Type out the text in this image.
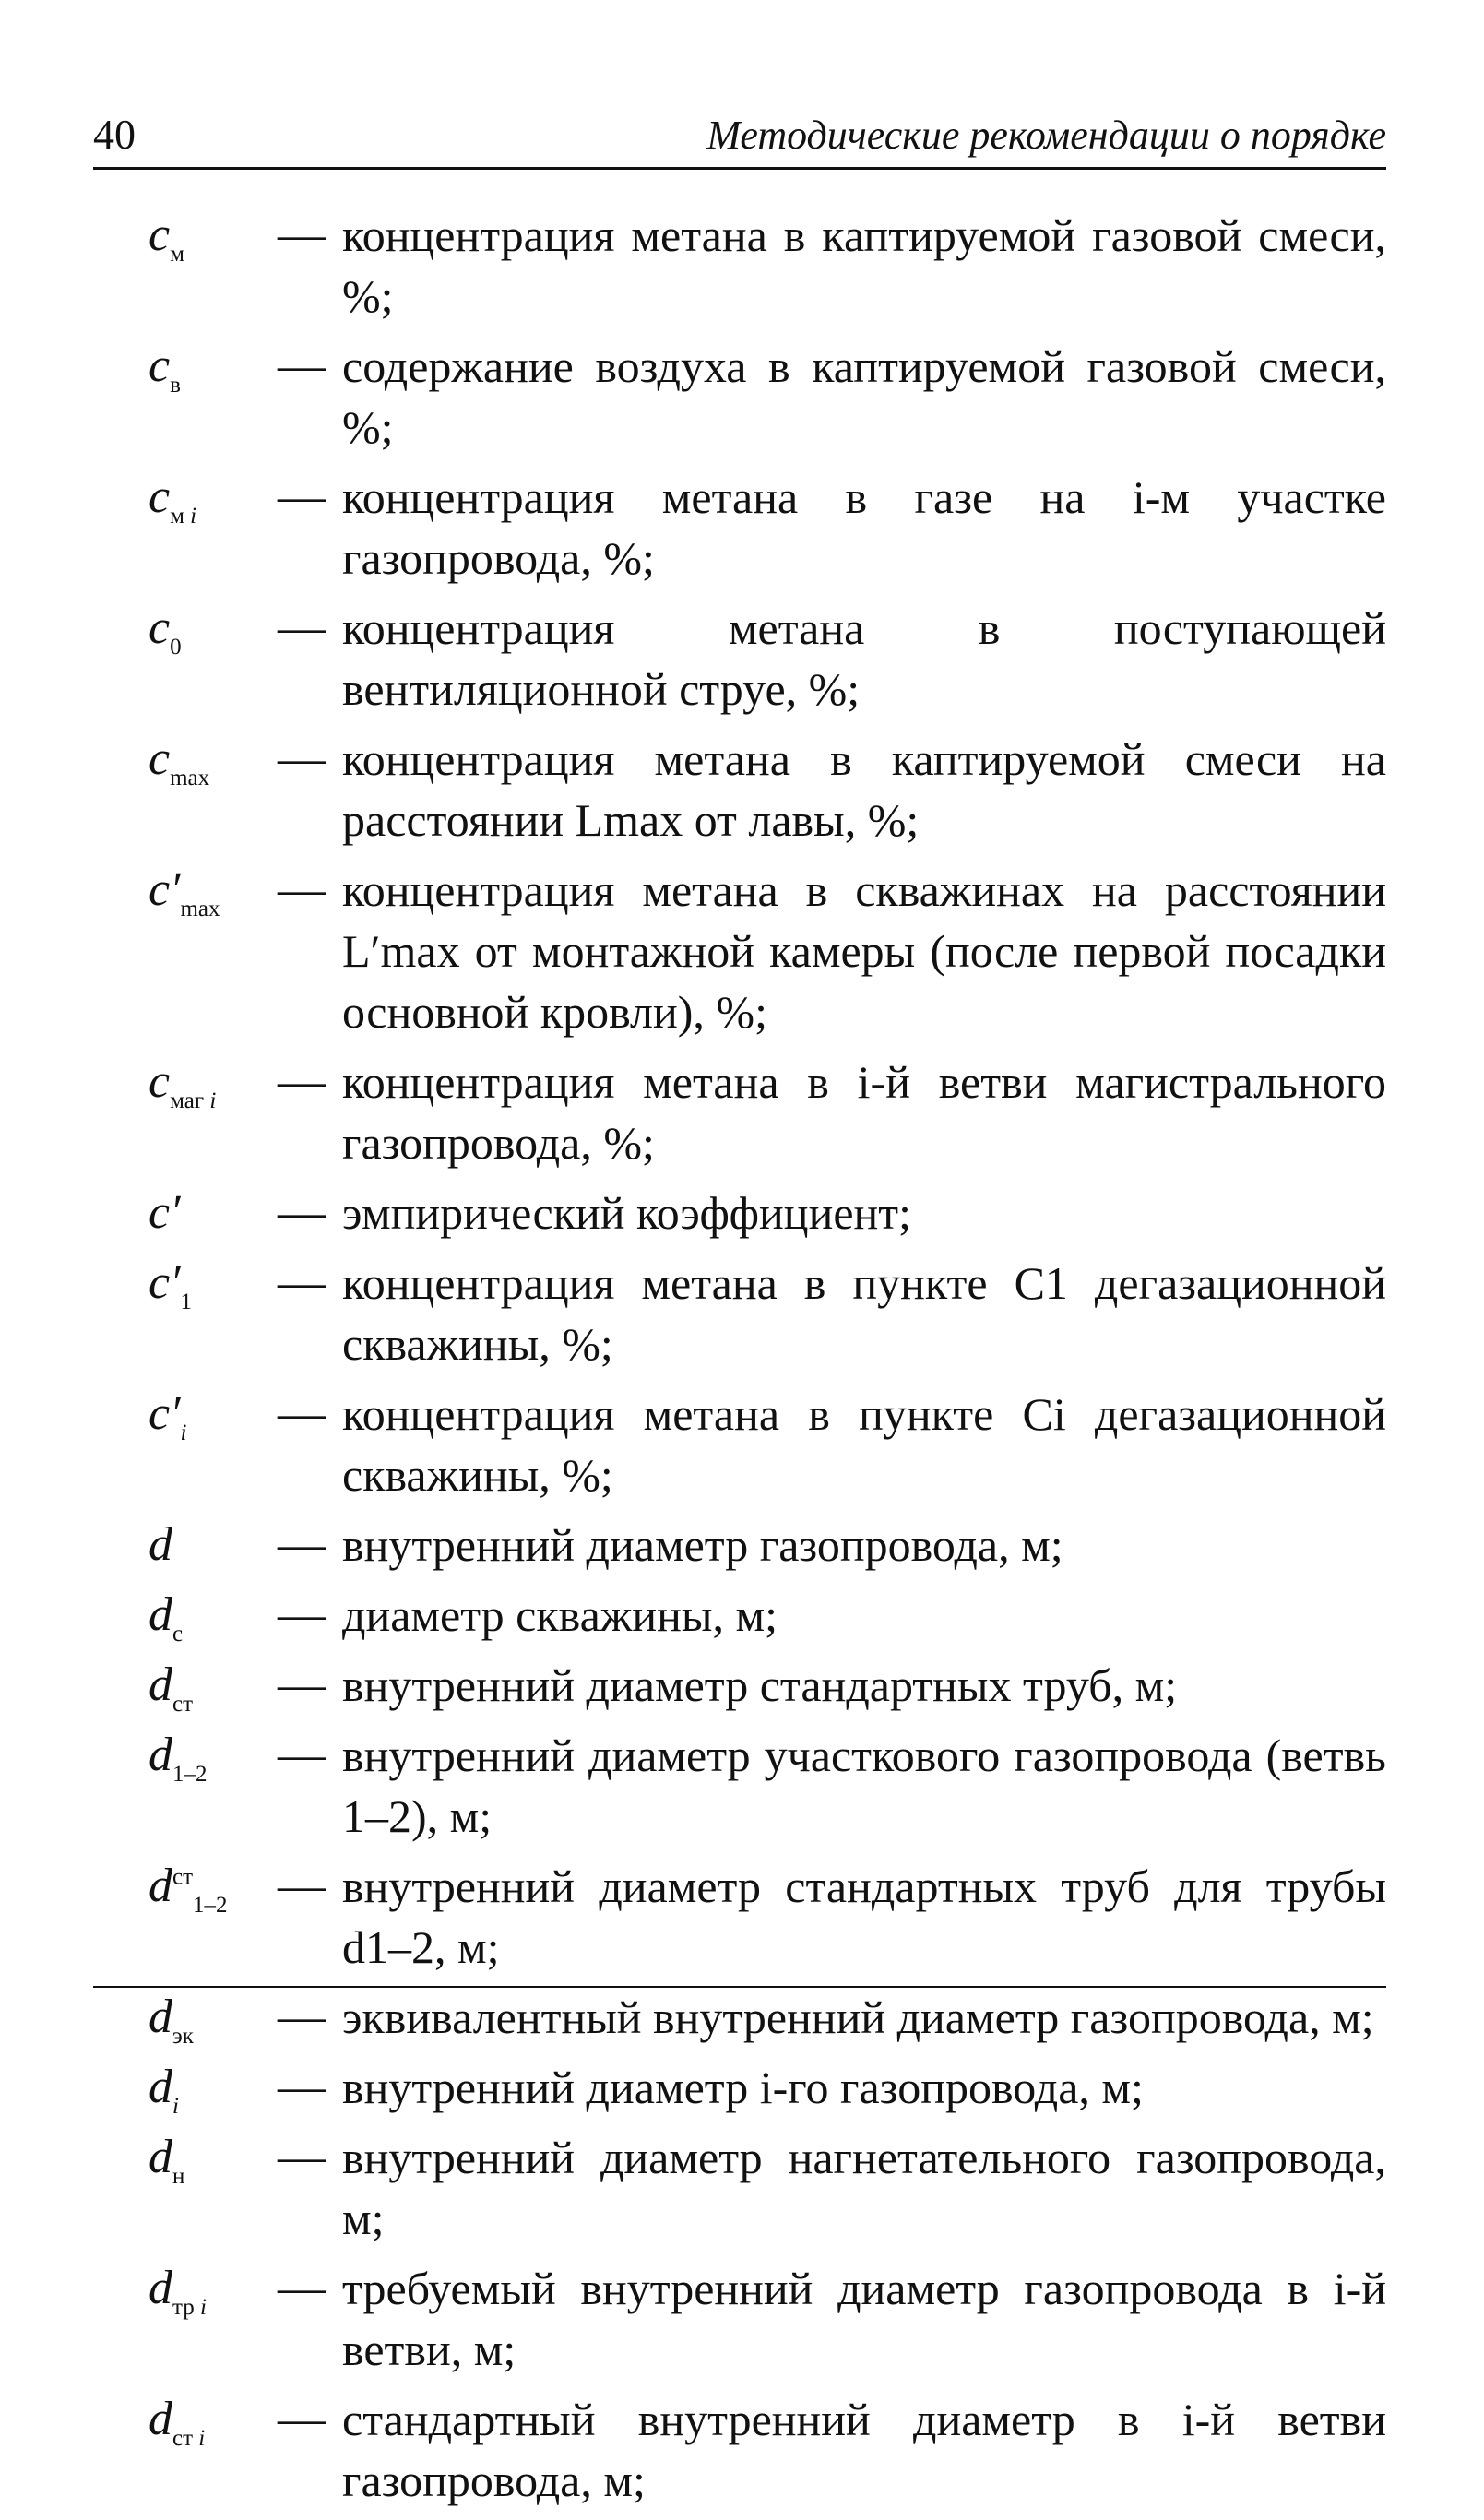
40	Методические рекомендации о порядке
$c_м$ — концентрация метана в каптируемой газовой смеси, %;
$c_в$ — содержание воздуха в каптируемой газовой смеси, %;
$c_{м i}$ — концентрация метана в газе на i-м участке газопровода, %;
$c_0$ — концентрация метана в поступающей вентиляционной струе, %;
$c_{max}$ — концентрация метана в каптируемой смеси на расстоянии Lmax от лавы, %;
$c'_{max}$ — концентрация метана в скважинах на расстоянии L′max от монтажной камеры (после первой посадки основной кровли), %;
$c_{маг i}$ — концентрация метана в i-й ветви магистрального газопровода, %;
c′ — эмпирический коэффициент;
$c'_1$ — концентрация метана в пункте C1 дегазационной скважины, %;
$c'_i$ — концентрация метана в пункте Ci дегазационной скважины, %;
d — внутренний диаметр газопровода, м;
$d_с$ — диаметр скважины, м;
$d_{ст}$ — внутренний диаметр стандартных труб, м;
$d_{1-2}$ — внутренний диаметр участкового газопровода (ветвь 1–2), м;
$d^{ст}_{1-2}$ — внутренний диаметр стандартных труб для трубы d1–2, м;
$d_{эк}$ — эквивалентный внутренний диаметр газопровода, м;
$d_i$ — внутренний диаметр i-го газопровода, м;
$d_н$ — внутренний диаметр нагнетательного газопровода, м;
$d_{тр i}$ — требуемый внутренний диаметр газопровода в i-й ветви, м;
$d_{ст i}$ — стандартный внутренний диаметр в i-й ветви газопровода, м;
